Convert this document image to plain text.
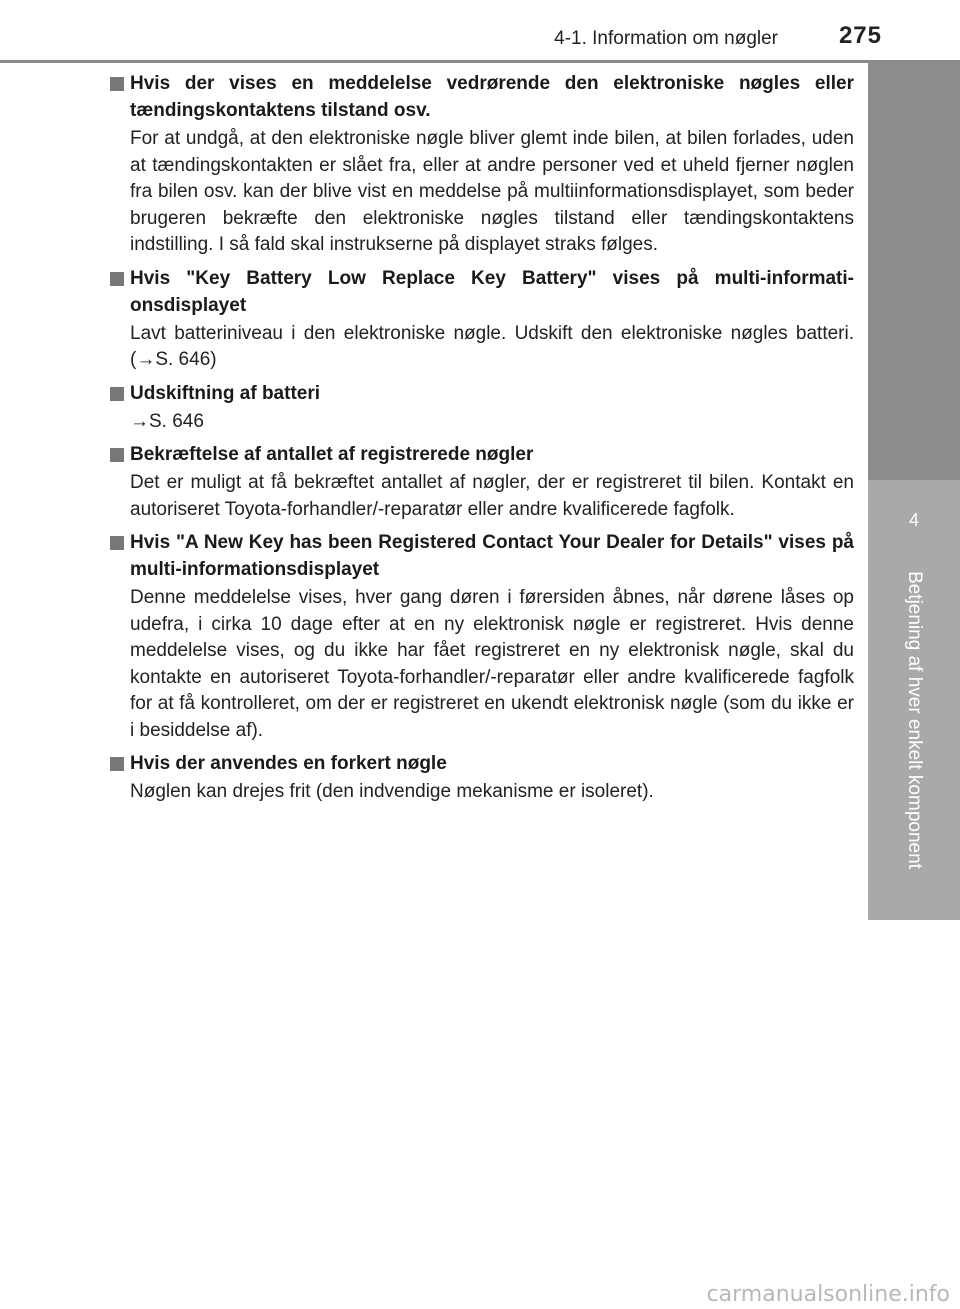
4-1. Information om nøgler	275
4
Betjening af hver enkelt komponent

Hvis der vises en meddelelse vedrørende den elektroniske nøgles eller tændingskontaktens tilstand osv.

For at undgå, at den elektroniske nøgle bliver glemt inde bilen, at bilen forlades, uden at tændingskontakten er slået fra, eller at andre personer ved et uheld fjerner nøglen fra bilen osv. kan der blive vist en meddelse på multiinformationsdisplayet, som beder brugeren bekræfte den elektroniske nøgles tilstand eller tændingskontaktens indstilling. I så fald skal instrukserne på displayet straks følges.

Hvis "Key Battery Low Replace Key Battery" vises på multi-informationsdisplayet

Lavt batteriniveau i den elektroniske nøgle. Udskift den elektroniske nøgles batteri. (→S. 646)

Udskiftning af batteri

→S. 646

Bekræftelse af antallet af registrerede nøgler

Det er muligt at få bekræftet antallet af nøgler, der er registreret til bilen. Kontakt en autoriseret Toyota-forhandler/-reparatør eller andre kvalificerede fagfolk.

Hvis "A New Key has been Registered Contact Your Dealer for Details" vises på multi-informationsdisplayet

Denne meddelelse vises, hver gang døren i førersiden åbnes, når dørene låses op udefra, i cirka 10 dage efter at en ny elektronisk nøgle er registreret. Hvis denne meddelelse vises, og du ikke har fået registreret en ny elektronisk nøgle, skal du kontakte en autoriseret Toyota-forhandler/-reparatør eller andre kvalificerede fagfolk for at få kontrolleret, om der er registreret en ukendt elektronisk nøgle (som du ikke er i besiddelse af).

Hvis der anvendes en forkert nøgle

Nøglen kan drejes frit (den indvendige mekanisme er isoleret).

carmanualsonline.info
